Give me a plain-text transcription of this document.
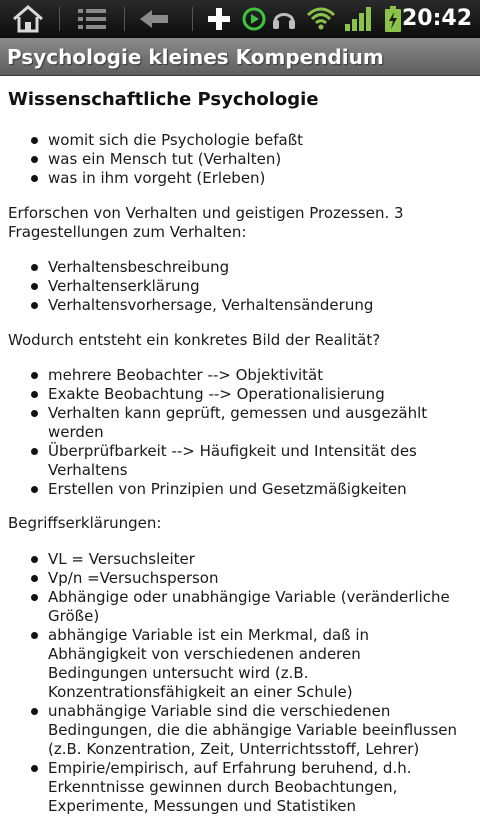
20:42
Psychologie kleines Kompendium
Wissenschaftliche Psychologie
womit sich die Psychologie befaßt
was ein Mensch tut (Verhalten)
was in ihm vorgeht (Erleben)
Erforschen von Verhalten und geistigen Prozessen. 3 Fragestellungen zum Verhalten:
Verhaltensbeschreibung
Verhaltenserklärung
Verhaltensvorhersage, Verhaltensänderung
Wodurch entsteht ein konkretes Bild der Realität?
mehrere Beobachter --> Objektivität
Exakte Beobachtung --> Operationalisierung
Verhalten kann geprüft, gemessen und ausgezählt werden
Überprüfbarkeit --> Häufigkeit und Intensität des Verhaltens
Erstellen von Prinzipien und Gesetzmäßigkeiten
Begriffserklärungen:
VL = Versuchsleiter
Vp/n =Versuchsperson
Abhängige oder unabhängige Variable (veränderliche Größe)
abhängige Variable ist ein Merkmal, daß in Abhängigkeit von verschiedenen anderen Bedingungen untersucht wird (z.B. Konzentrationsfähigkeit an einer Schule)
unabhängige Variable sind die verschiedenen Bedingungen, die die abhängige Variable beeinflussen (z.B. Konzentration, Zeit, Unterrichtsstoff, Lehrer)
Empirie/empirisch, auf Erfahrung beruhend, d.h. Erkenntnisse gewinnen durch Beobachtungen, Experimente, Messungen und Statistiken
